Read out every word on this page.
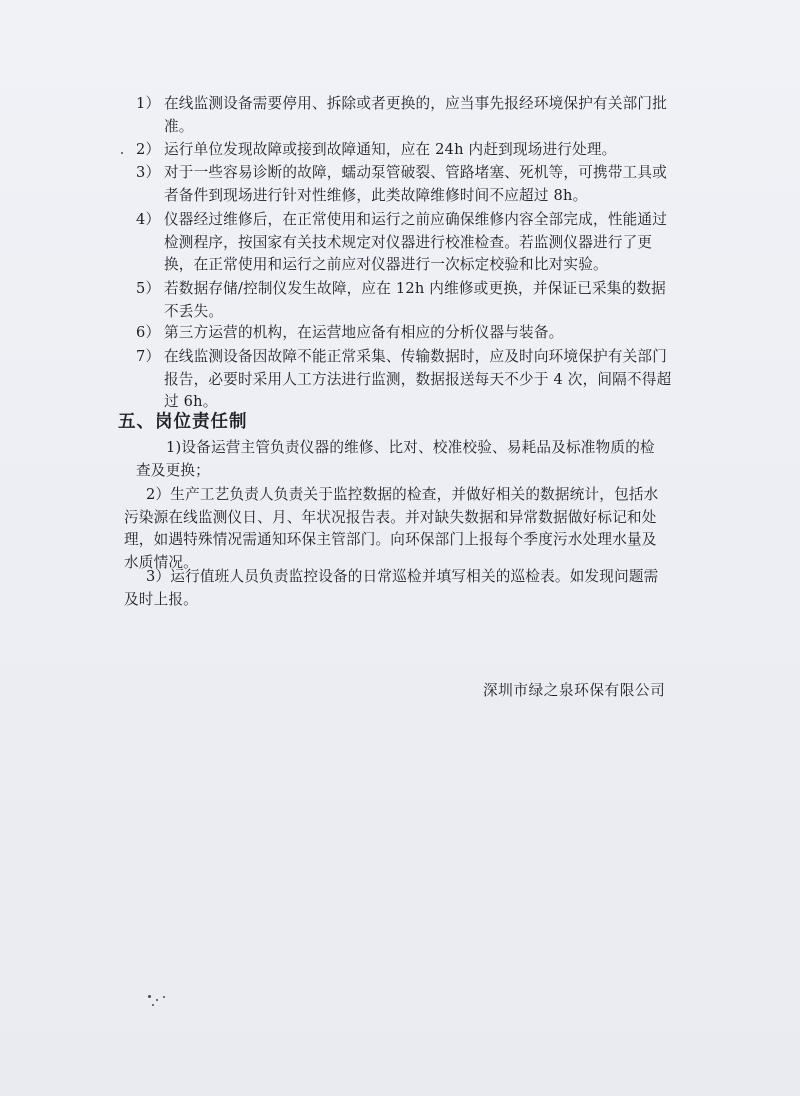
1） 在线监测设备需要停用、拆除或者更换的，应当事先报经环境保护有关部门批准。
2） 运行单位发现故障或接到故障通知，应在 24h 内赶到现场进行处理。
3） 对于一些容易诊断的故障，蠕动泵管破裂、管路堵塞、死机等，可携带工具或者备件到现场进行针对性维修，此类故障维修时间不应超过 8h。
4） 仪器经过维修后，在正常使用和运行之前应确保维修内容全部完成，性能通过检测程序，按国家有关技术规定对仪器进行校准检查。若监测仪器进行了更换，在正常使用和运行之前应对仪器进行一次标定校验和比对实验。
5） 若数据存储/控制仪发生故障，应在 12h 内维修或更换，并保证已采集的数据不丢失。
6） 第三方运营的机构，在运营地应备有相应的分析仪器与装备。
7） 在线监测设备因故障不能正常采集、传输数据时，应及时向环境保护有关部门报告，必要时采用人工方法进行监测，数据报送每天不少于 4 次，间隔不得超过 6h。
五、岗位责任制
1)设备运营主管负责仪器的维修、比对、校准校验、易耗品及标准物质的检查及更换；
2）生产工艺负责人负责关于监控数据的检查，并做好相关的数据统计，包括水污染源在线监测仪日、月、年状况报告表。并对缺失数据和异常数据做好标记和处理，如遇特殊情况需通知环保主管部门。向环保部门上报每个季度污水处理水量及水质情况。
3）运行值班人员负责监控设备的日常巡检并填写相关的巡检表。如发现问题需及时上报。
深圳市绿之泉环保有限公司
